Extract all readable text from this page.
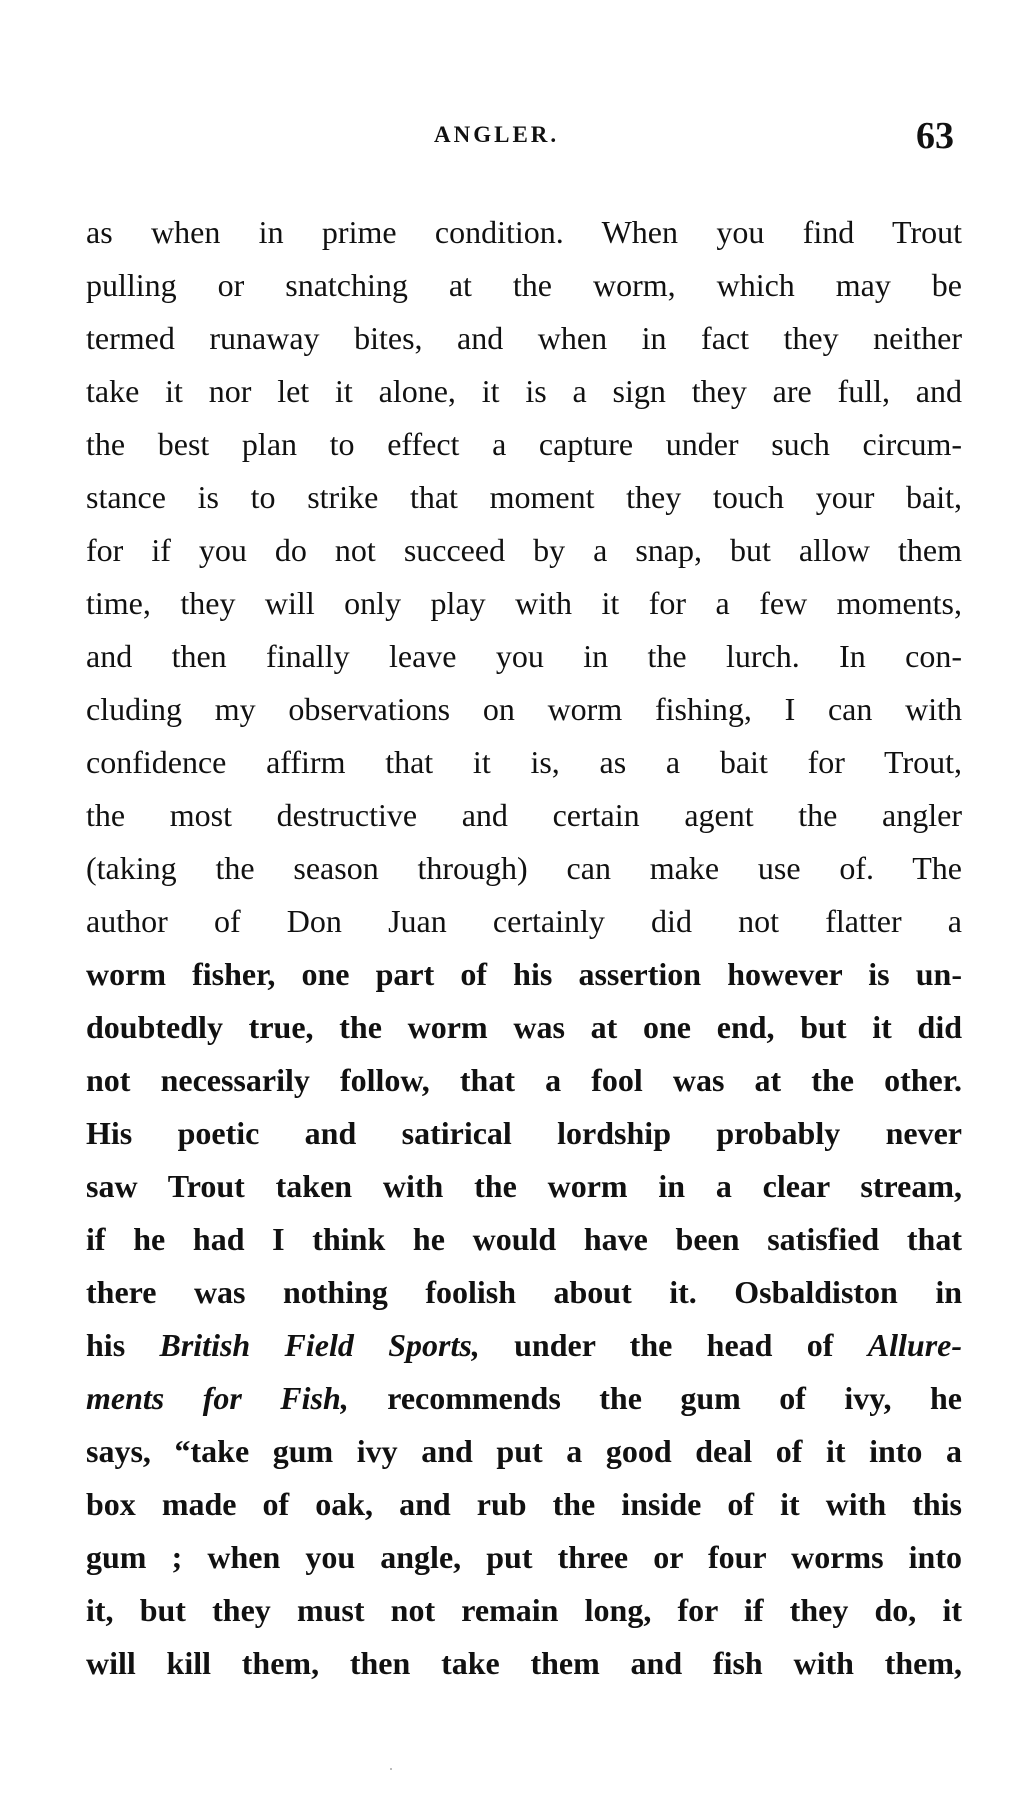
ANGLER.	63
as when in prime condition. When you find Trout
pulling or snatching at the worm, which may be
termed runaway bites, and when in fact they neither
take it nor let it alone, it is a sign they are full, and
the best plan to effect a capture under such circum-
stance is to strike that moment they touch your bait,
for if you do not succeed by a snap, but allow them
time, they will only play with it for a few moments,
and then finally leave you in the lurch. In con-
cluding my observations on worm fishing, I can with
confidence affirm that it is, as a bait for Trout,
the most destructive and certain agent the angler
(taking the season through) can make use of. The
author of Don Juan certainly did not flatter a
worm fisher, one part of his assertion however is un-
doubtedly true, the worm was at one end, but it did
not necessarily follow, that a fool was at the other.
His poetic and satirical lordship probably never
saw Trout taken with the worm in a clear stream,
if he had I think he would have been satisfied that
there was nothing foolish about it. Osbaldiston in
his British Field Sports, under the head of Allure-
ments for Fish, recommends the gum of ivy, he
says, “take gum ivy and put a good deal of it into a
box made of oak, and rub the inside of it with this
gum ; when you angle, put three or four worms into
it, but they must not remain long, for if they do, it
will kill them, then take them and fish with them,
